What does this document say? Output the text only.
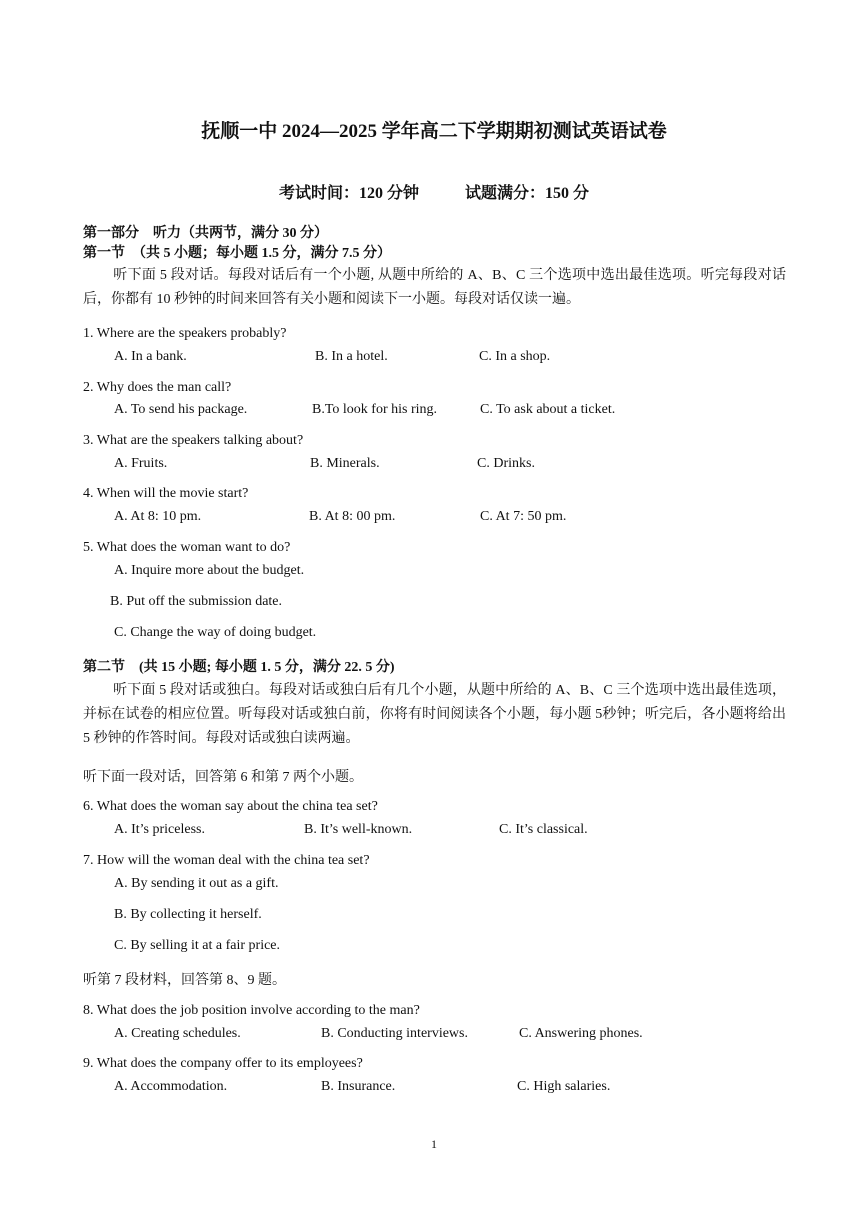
抚顺一中 2024—2025 学年高二下学期期初测试英语试卷
考试时间：120 分钟	试题满分：150 分
第一部分　听力（共两节，满分 30 分）
第一节　（共 5 小题；每小题 1.5 分，满分 7.5 分）
听下面 5 段对话。每段对话后有一个小题, 从题中所给的 A、B、C 三个选项中选出最佳选项。听完每段对话后，你都有 10 秒钟的时间来回答有关小题和阅读下一小题。每段对话仅读一遍。
1. Where are the speakers probably?
A. In a bank.	B. In a hotel.	C. In a shop.
2. Why does the man call?
A. To send his package.	B.To look for his ring.	C. To ask about a ticket.
3. What are the speakers talking about?
A. Fruits.	B. Minerals.	C. Drinks.
4. When will the movie start?
A. At 8: 10 pm.	B. At 8: 00 pm.	C. At 7: 50 pm.
5. What does the woman want to do?
A. Inquire more about the budget.
B. Put off the submission date.
C. Change the way of doing budget.
第二节　(共 15 小题; 每小题 1. 5 分，满分 22. 5 分)
听下面 5 段对话或独白。每段对话或独白后有几个小题，从题中所给的 A、B、C 三个选项中选出最佳选项，并标在试卷的相应位置。听每段对话或独白前，你将有时间阅读各个小题，每小题 5秒钟；听完后，各小题将给出 5 秒钟的作答时间。每段对话或独白读两遍。
听下面一段对话，回答第 6 和第 7 两个小题。
6. What does the woman say about the china tea set?
A. It’s priceless.	B. It’s well-known.	C. It’s classical.
7. How will the woman deal with the china tea set?
A. By sending it out as a gift.
B. By collecting it herself.
C. By selling it at a fair price.
听第 7 段材料，回答第 8、9 题。
8. What does the job position involve according to the man?
A. Creating schedules.	B. Conducting interviews.	C. Answering phones.
9. What does the company offer to its employees?
A. Accommodation.	B. Insurance.	C. High salaries.
1
